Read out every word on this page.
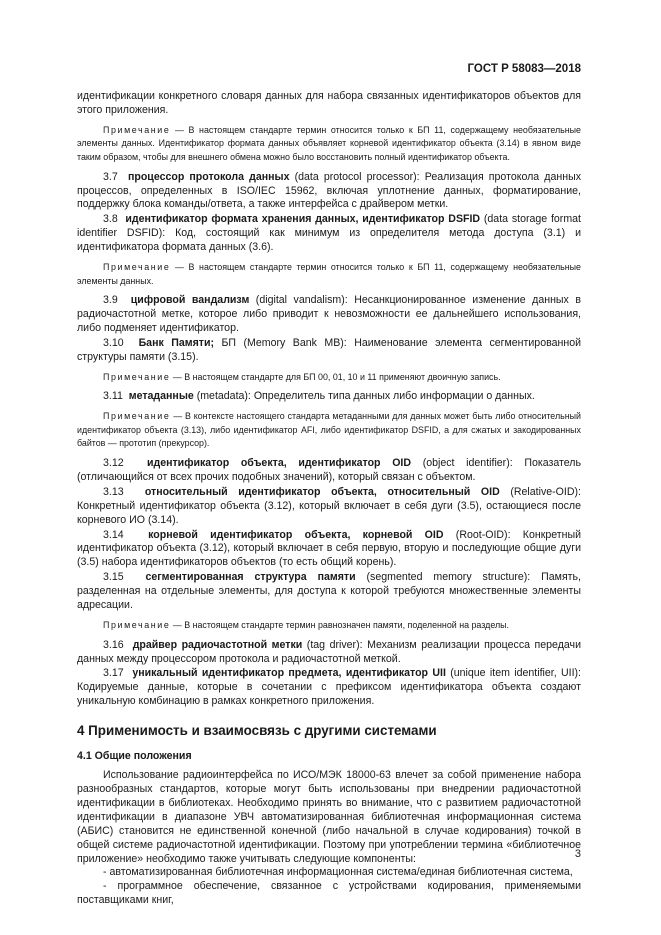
ГОСТ Р 58083—2018

идентификации конкретного словаря данных для набора связанных идентификаторов объектов для этого приложения.

Примечание — В настоящем стандарте термин относится только к БП 11, содержащему необязательные элементы данных. Идентификатор формата данных объявляет корневой идентификатор объекта (3.14) в явном виде таким образом, чтобы для внешнего обмена можно было восстановить полный идентификатор объекта.

3.7 процессор протокола данных (data protocol processor): Реализация протокола данных процессов, определенных в ISO/IEC 15962, включая уплотнение данных, форматирование, поддержку блока команды/ответа, а также интерфейса с драйвером метки.

3.8 идентификатор формата хранения данных, идентификатор DSFID (data storage format identifier DSFID): Код, состоящий как минимум из определителя метода доступа (3.1) и идентификатора формата данных (3.6).

Примечание — В настоящем стандарте термин относится только к БП 11, содержащему необязательные элементы данных.

3.9 цифровой вандализм (digital vandalism): Несанкционированное изменение данных в радиочастотной метке, которое либо приводит к невозможности ее дальнейшего использования, либо подменяет идентификатор.

3.10 Банк Памяти; БП (Memory Bank MB): Наименование элемента сегментированной структуры памяти (3.15).

Примечание — В настоящем стандарте для БП 00, 01, 10 и 11 применяют двоичную запись.

3.11 метаданные (metadata): Определитель типа данных либо информации о данных.

Примечание — В контексте настоящего стандарта метаданными для данных может быть либо относительный идентификатор объекта (3.13), либо идентификатор AFI, либо идентификатор DSFID, а для сжатых и закодированных байтов — прототип (прекурсор).

3.12 идентификатор объекта, идентификатор OID (object identifier): Показатель (отличающийся от всех прочих подобных значений), который связан с объектом.

3.13 относительный идентификатор объекта, относительный OID (Relative-OID): Конкретный идентификатор объекта (3.12), который включает в себя дуги (3.5), остающиеся после корневого ИО (3.14).

3.14 корневой идентификатор объекта, корневой OID (Root-OID): Конкретный идентификатор объекта (3.12), который включает в себя первую, вторую и последующие общие дуги (3.5) набора идентификаторов объектов (то есть общий корень).

3.15 сегментированная структура памяти (segmented memory structure): Память, разделенная на отдельные элементы, для доступа к которой требуются множественные элементы адресации.

Примечание — В настоящем стандарте термин равнозначен памяти, поделенной на разделы.

3.16 драйвер радиочастотной метки (tag driver): Механизм реализации процесса передачи данных между процессором протокола и радиочастотной меткой.

3.17 уникальный идентификатор предмета, идентификатор UII (unique item identifier, UII): Кодируемые данные, которые в сочетании с префиксом идентификатора объекта создают уникальную комбинацию в рамках конкретного приложения.

4 Применимость и взаимосвязь с другими системами
4.1 Общие положения

Использование радиоинтерфейса по ИСО/МЭК 18000-63 влечет за собой применение набора разнообразных стандартов, которые могут быть использованы при внедрении радиочастотной идентификации в библиотеках. Необходимо принять во внимание, что с развитием радиочастотной идентификации в диапазоне УВЧ автоматизированная библиотечная информационная система (АБИС) становится не единственной конечной (либо начальной в случае кодирования) точкой в общей системе радиочастотной идентификации. Поэтому при употреблении термина «библиотечное приложение» необходимо также учитывать следующие компоненты:

- автоматизированная библиотечная информационная система/единая библиотечная система,

- программное обеспечение, связанное с устройствами кодирования, применяемыми поставщиками книг,

3
